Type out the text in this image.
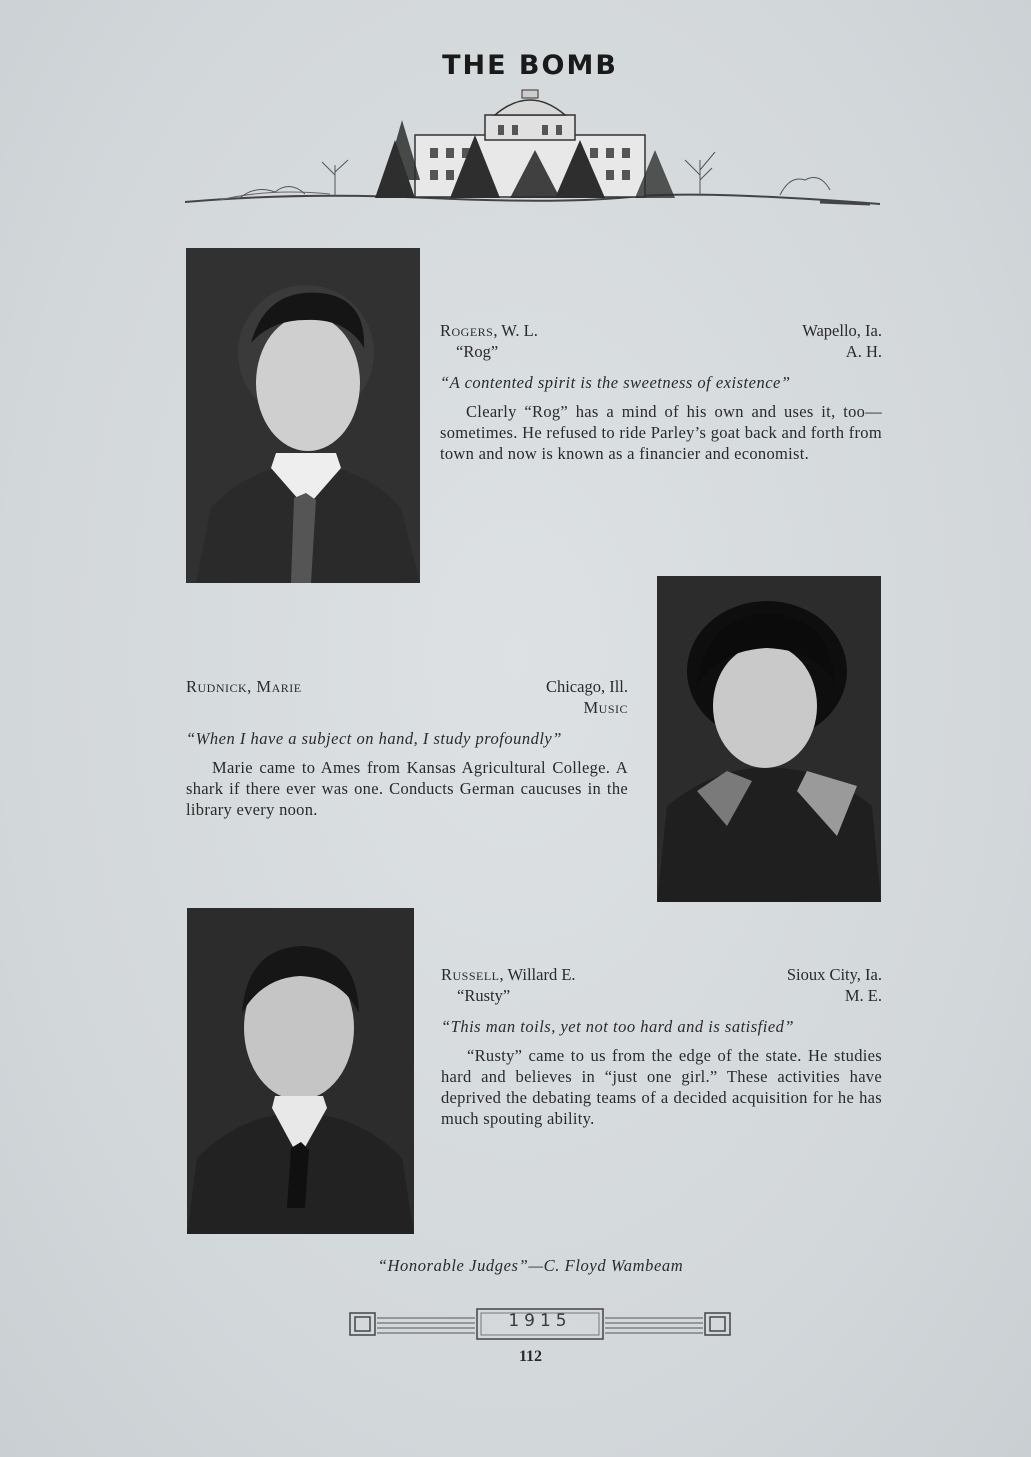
THE BOMB
Rogers, W. L.	Wapello, Ia.
“Rog”	A. H.
“A contented spirit is the sweetness of existence”
Clearly “Rog” has a mind of his own and uses it, too—sometimes. He refused to ride Parley’s goat back and forth from town and now is known as a financier and economist.
Rudnick, Marie	Chicago, Ill.
Music
“When I have a subject on hand, I study profoundly”
Marie came to Ames from Kansas Agricultural College. A shark if there ever was one. Conducts German caucuses in the library every noon.
Russell, Willard E.	Sioux City, Ia.
“Rusty”	M. E.
“This man toils, yet not too hard and is satisfied”
“Rusty” came to us from the edge of the state. He studies hard and believes in “just one girl.” These activities have deprived the debating teams of a decided acquisition for he has much spouting ability.
“Honorable Judges”—C. Floyd Wambeam
1915
112
